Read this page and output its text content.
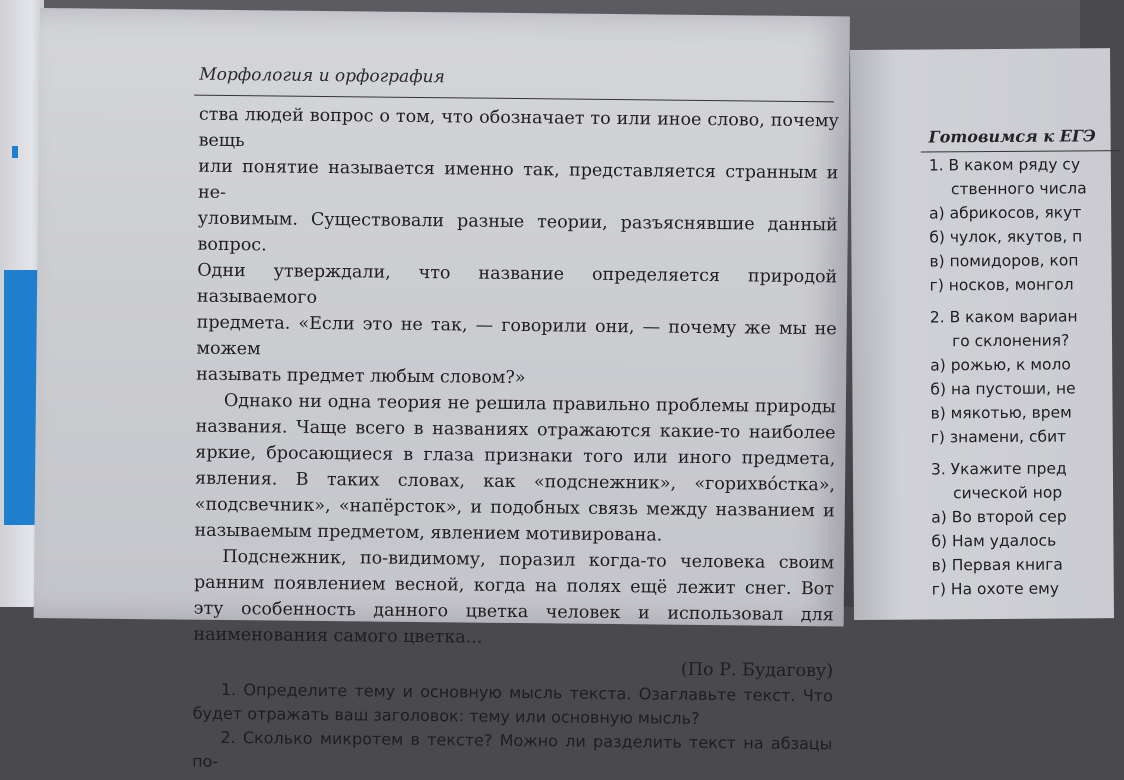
Готовимся к ЕГЭ
1. В каком ряду су
ственного числа
а) абрикосов, якут
б) чулок, якутов, п
в) помидоров, коп
г) носков, монгол
2. В каком вариан
го склонения?
а) рожью, к моло
б) на пустоши, не
в) мякотью, врем
г) знамени, сбит
3. Укажите пред
сической нор
а) Во второй сер
б) Нам удалось
в) Первая книга
г) На охоте ему
Морфология и орфография

ства людей вопрос о том, что обозначает то или иное слово, почему вещь

или понятие называется именно так, представляется странным и не-

уловимым. Существовали разные теории, разъяснявшие данный вопрос.

Одни утверждали, что название определяется природой называемого

предмета. «Если это не так, — говорили они, — почему же мы не можем

называть предмет любым словом?»

Однако ни одна теория не решила правильно проблемы природы названия. Чаще всего в названиях отражаются какие-то наиболее яркие, бросающиеся в глаза признаки того или иного предмета, явления. В таких словах, как «подснежник», «горихвóстка», «подсвечник», «напёрсток», и подобных связь между названием и называемым предметом, явлением мотивирована.

Подснежник, по-видимому, поразил когда-то человека своим ранним появлением весной, когда на полях ещё лежит снег. Вот эту особенность данного цветка человек и использовал для наименования самого цветка...

(По Р. Будагову)

1. Определите тему и основную мысль текста. Озаглавьте текст. Что будет отражать ваш заголовок: тему или основную мысль?

2. Сколько микротем в тексте? Можно ли разделить текст на абзацы по-
